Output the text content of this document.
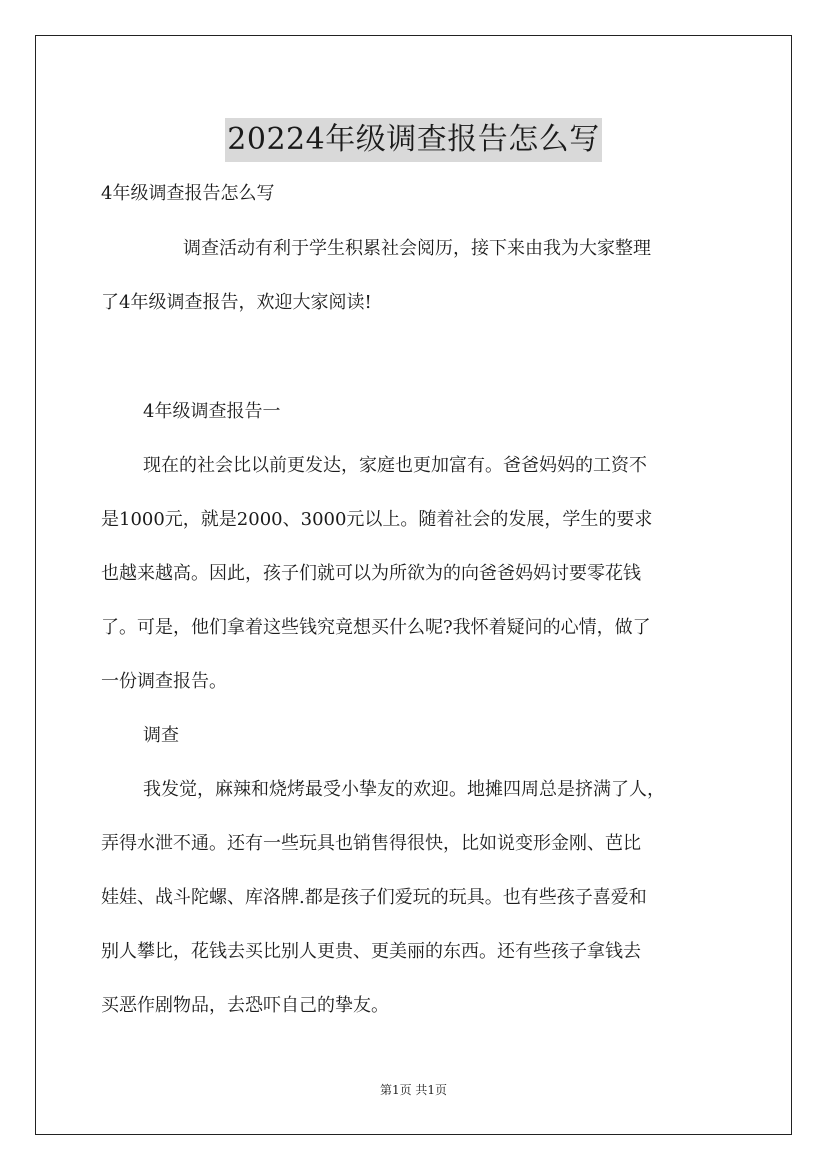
20224年级调查报告怎么写
4年级调查报告怎么写
调查活动有利于学生积累社会阅历，接下来由我为大家整理
了4年级调查报告，欢迎大家阅读!
4年级调查报告一
现在的社会比以前更发达，家庭也更加富有。爸爸妈妈的工资不
是1000元，就是2000、3000元以上。随着社会的发展，学生的要求
也越来越高。因此，孩子们就可以为所欲为的向爸爸妈妈讨要零花钱
了。可是，他们拿着这些钱究竟想买什么呢?我怀着疑问的心情，做了
一份调查报告。
调查
我发觉，麻辣和烧烤最受小挚友的欢迎。地摊四周总是挤满了人，
弄得水泄不通。还有一些玩具也销售得很快，比如说变形金刚、芭比
娃娃、战斗陀螺、库洛牌.都是孩子们爱玩的玩具。也有些孩子喜爱和
别人攀比，花钱去买比别人更贵、更美丽的东西。还有些孩子拿钱去
买恶作剧物品，去恐吓自己的挚友。
第1页 共1页
